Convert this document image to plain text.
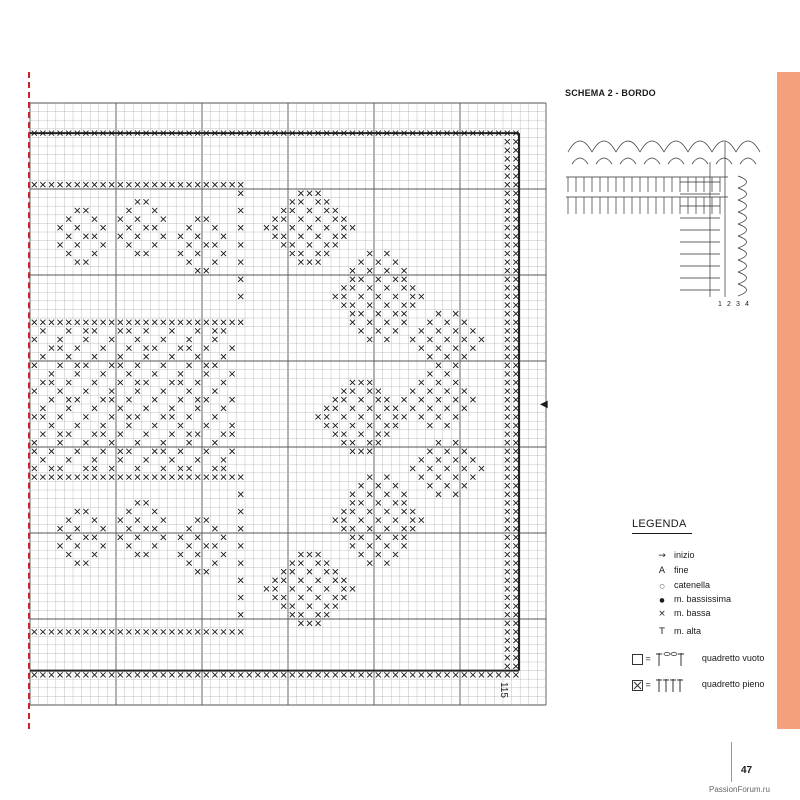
115
◀
SCHEMA 2 - BORDO
1 2 3 4
LEGENDA
→ inizio
A fine
○ catenella
● m. bassissima
× m. bassa
T m. alta
=	quadretto vuoto
=	quadretto pieno
47
PassionForum.ru
